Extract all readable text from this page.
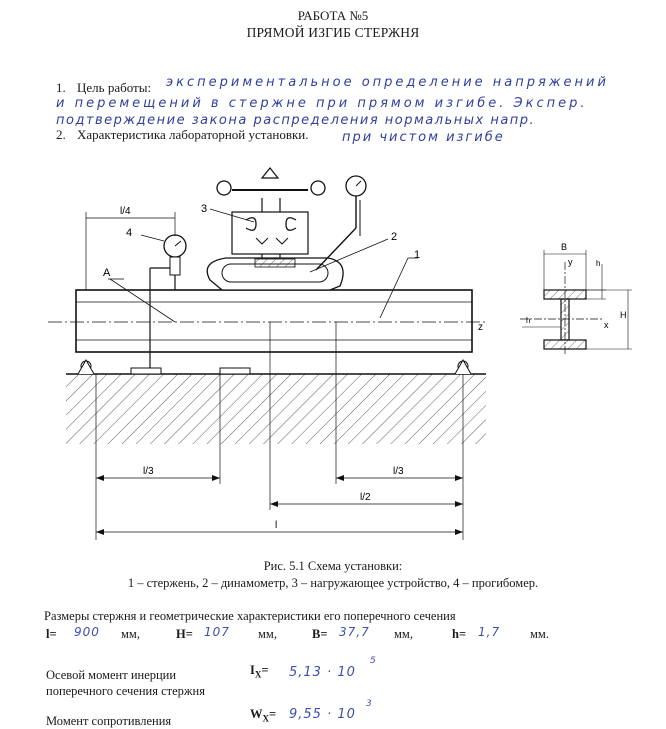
РАБОТА №5
ПРЯМОЙ ИЗГИБ СТЕРЖНЯ
1. Цель работы: экспериментальное определение напряжений
и перемещений в стержне при прямом изгибе. Экспер.
подтверждение закона распределения нормальных напр.
2. Характеристика лабораторной установки.	при чистом изгибе
z
3
4	2
1
A
l/4
l/3	l/3
l/2
l
B
y	h
H
x
h
Рис. 5.1 Схема установки:
1 – стержень, 2 – динамометр, 3 – нагружающее устройство, 4 – прогибомер.
Размеры стержня и геометрические характеристики его поперечного сечения
l= 900 мм,	H= 107 мм,	B= 37,7 мм,	h= 1,7 мм.
Осевой момент инерции
поперечного сечения стержня
$I_X= 5,13 \cdot 10$
5
Момент сопротивления	$W_X= 9,55 \cdot 10$
3
